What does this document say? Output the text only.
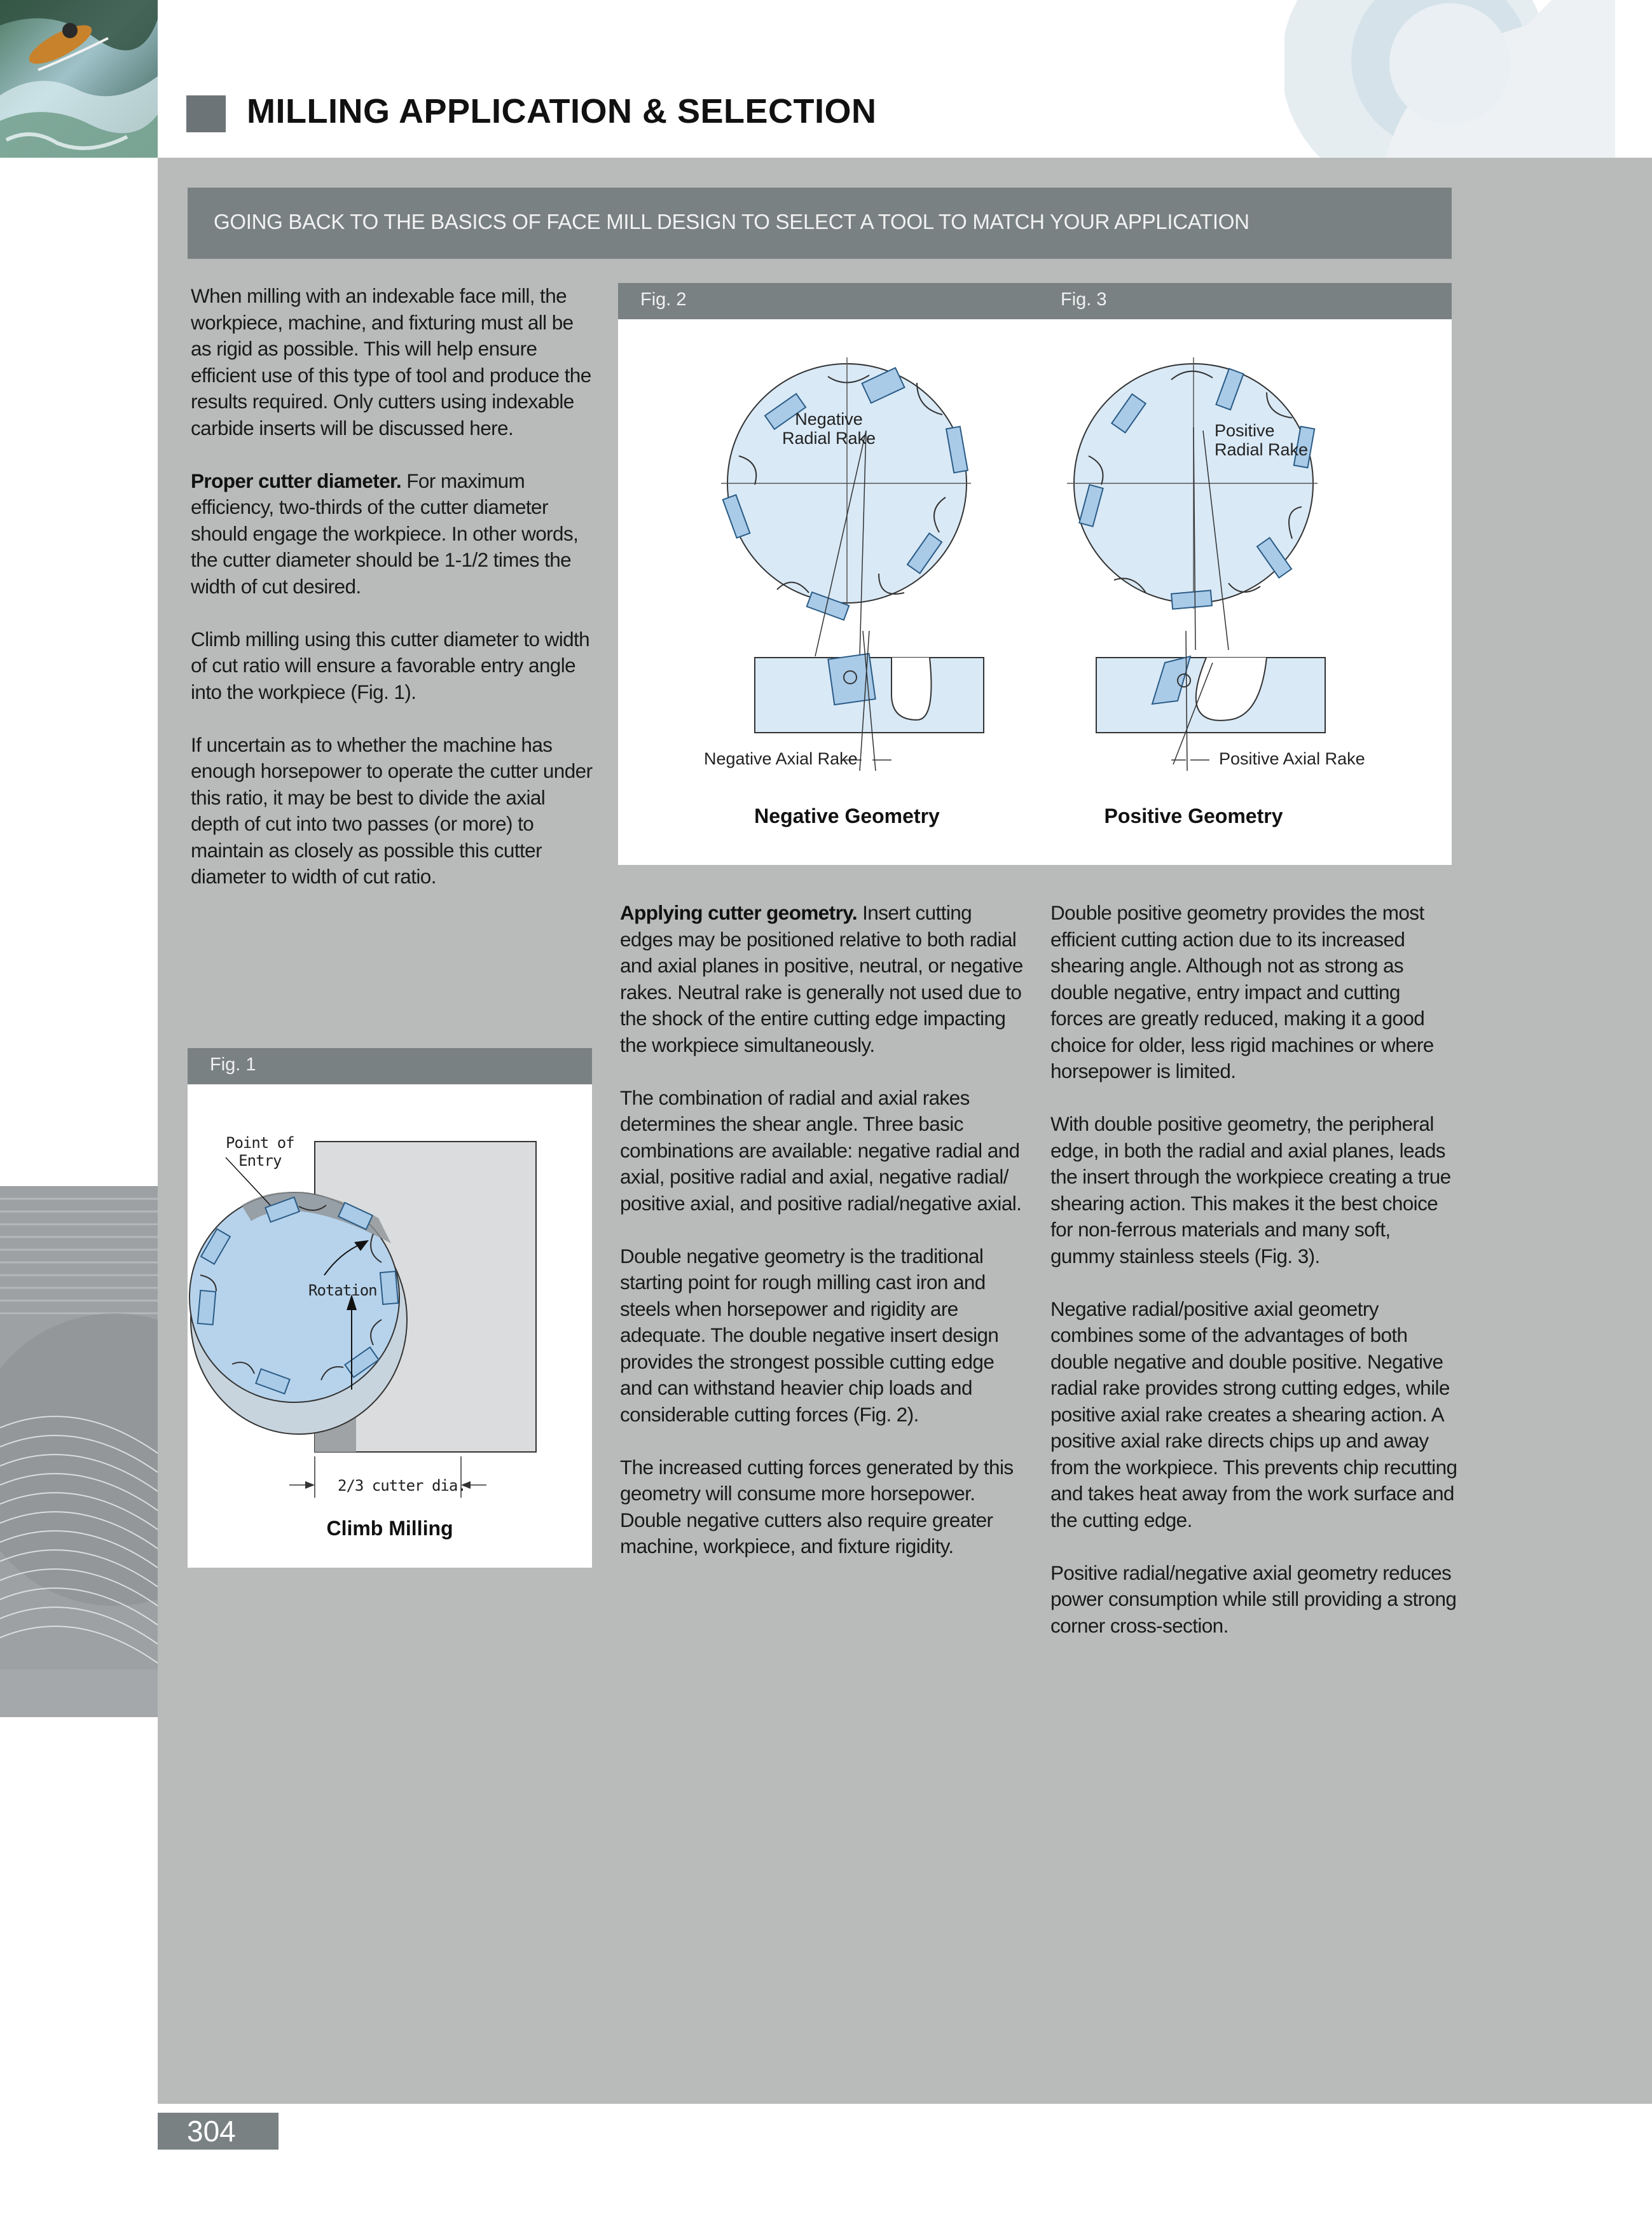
MILLING APPLICATION & SELECTION
GOING BACK TO THE BASICS OF FACE MILL DESIGN TO SELECT A TOOL TO MATCH YOUR APPLICATION

When milling with an indexable face mill, the workpiece, machine, and fixturing must all be as rigid as possible. This will help ensure efficient use of this type of tool and produce the results required. Only cutters using indexable carbide inserts will be discussed here.

Proper cutter diameter. For maximum efficiency, two-thirds of the cutter diameter should engage the workpiece. In other words, the cutter diameter should be 1-1/2 times the width of cut desired.

Climb milling using this cutter diameter to width of cut ratio will ensure a favorable entry angle into the workpiece (Fig. 1).

If uncertain as to whether the machine has enough horsepower to operate the cutter under this ratio, it may be best to divide the axial depth of cut into two passes (or more) to maintain as closely as possible this cutter diameter to width of cut ratio.

Applying cutter geometry. Insert cutting edges may be positioned relative to both radial and axial planes in positive, neutral, or negative rakes. Neutral rake is generally not used due to the shock of the entire cutting edge impacting the workpiece simultaneously.

The combination of radial and axial rakes determines the shear angle. Three basic combinations are available: negative radial and axial, positive radial and axial, negative radial/ positive axial, and positive radial/negative axial.

Double negative geometry is the traditional starting point for rough milling cast iron and steels when horsepower and rigidity are adequate. The double negative insert design provides the strongest possible cutting edge and can withstand heavier chip loads and considerable cutting forces (Fig. 2).

The increased cutting forces generated by this geometry will consume more horsepower. Double negative cutters also require greater machine, workpiece, and fixture rigidity.

Double positive geometry provides the most efficient cutting action due to its increased shearing angle. Although not as strong as double negative, entry impact and cutting forces are greatly reduced, making it a good choice for older, less rigid machines or where horsepower is limited.

With double positive geometry, the peripheral edge, in both the radial and axial planes, leads the insert through the workpiece creating a true shearing action. This makes it the best choice for non-ferrous materials and many soft, gummy stainless steels (Fig. 3).

Negative radial/positive axial geometry combines some of the advantages of both double negative and double positive. Negative radial rake provides strong cutting edges, while positive axial rake creates a shearing action. A positive axial rake directs chips up and away from the workpiece. This prevents chip recutting and takes heat away from the work surface and the cutting edge.

Positive radial/negative axial geometry reduces power consumption while still providing a strong corner cross-section.

Fig. 2	Fig. 3
Negative
Radial Rake	Positive
Radial Rake
Negative Axial Rake	Positive Axial Rake
Negative Geometry	Positive Geometry
Fig. 1
Point of
Entry
Rotation
2/3 cutter dia.
Climb Milling
304
